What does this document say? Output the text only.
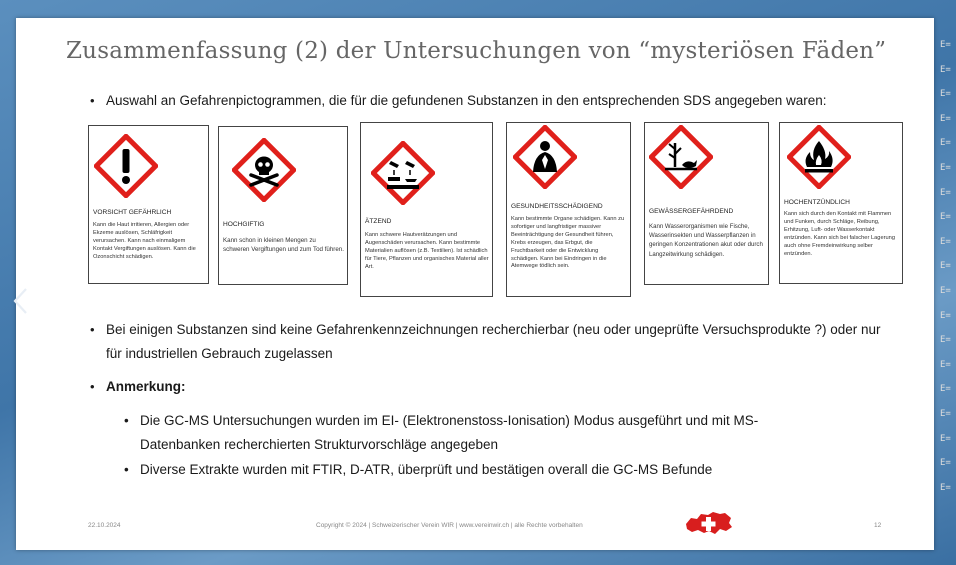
Zusammenfassung (2) der Untersuchungen von “mysteriösen Fäden”
• Auswahl an Gefahrenpictogrammen, die für die gefundenen Substanzen in den entsprechenden SDS angegeben waren:
VORSICHT GEFÄHRLICH
Kann die Haut irritieren, Allergien oder Ekzeme auslösen, Schläfrigkeit verursachen. Kann nach einmaligem Kontakt Vergiftungen auslösen. Kann die Ozonschicht schädigen.
HOCHGIFTIG
Kann schon in kleinen Mengen zu schweren Vergiftungen und zum Tod führen.
ÄTZEND
Kann schwere Hautverätzungen und Augenschäden verursachen. Kann bestimmte Materialien auflösen (z.B. Textilien). Ist schädlich für Tiere, Pflanzen und organisches Material aller Art.
GESUNDHEITSSCHÄDIGEND
Kann bestimmte Organe schädigen. Kann zu sofortiger und langfristiger massiver Beeinträchtigung der Gesundheit führen, Krebs erzeugen, das Erbgut, die Fruchtbarkeit oder die Entwicklung schädigen. Kann bei Eindringen in die Atemwege tödlich sein.
GEWÄSSERGEFÄHRDEND
Kann Wasserorganismen wie Fische, Wasserinsekten und Wasserpflanzen in geringen Konzentrationen akut oder durch Langzeitwirkung schädigen.
HOCHENTZÜNDLICH
Kann sich durch den Kontakt mit Flammen und Funken, durch Schläge, Reibung, Erhitzung, Luft- oder Wasserkontakt entzünden. Kann sich bei falscher Lagerung auch ohne Fremdeinwirkung selber entzünden.
• Bei einigen Substanzen sind keine Gefahrenkennzeichnungen recherchierbar (neu oder ungeprüfte Versuchsprodukte ?) oder nur für industriellen Gebrauch zugelassen
• Anmerkung:
• Die GC-MS Untersuchungen wurden im EI- (Elektronenstoss-Ionisation) Modus ausgeführt und mit MS-Datenbanken recherchierten Strukturvorschläge angegeben
• Diverse Extrakte wurden mit FTIR, D-ATR, überprüft und bestätigen overall die GC-MS Befunde
22.10.2024	Copyright © 2024 | Schweizerischer Verein WIR | www.vereinwir.ch | alle Rechte vorbehalten	12
E=
E=
E=
E=
E=
E=
E=
E=
E=
E=
E=
E=
E=
E=
E=
E=
E=
E=
E=
